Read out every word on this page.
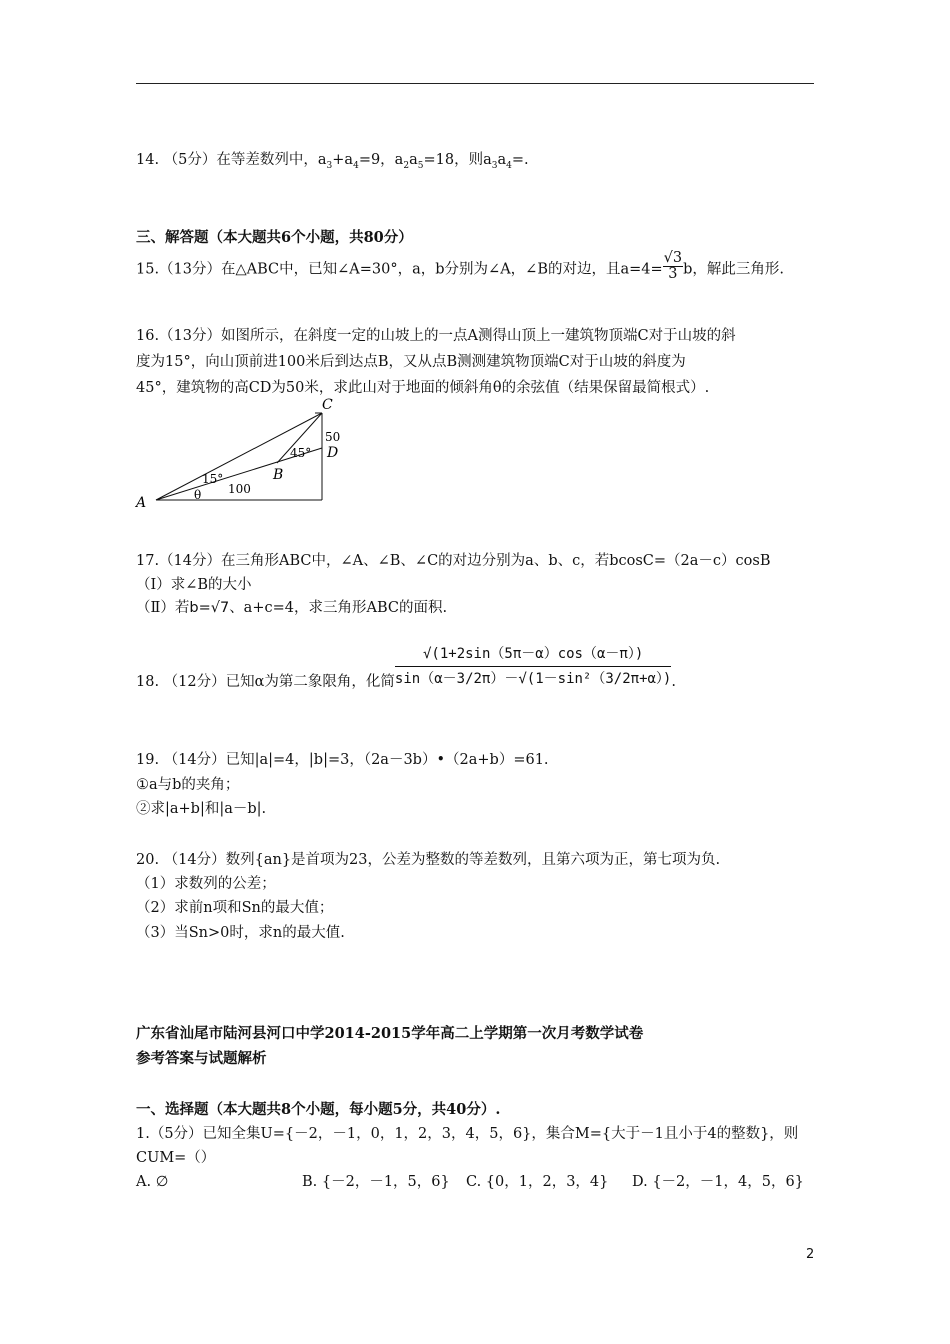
14. （5分）在等差数列中，$a_3+a_4=9$，$a_2a_5=18$，则$a_3a_4=$.
三、解答题（本大题共6个小题，共80分）
15.（13分）在△ABC中，已知∠A=30°，a，b分别为∠A，∠B的对边，且$a=4= \frac{√3}{3}$ b，解此三角形.
16.（13分）如图所示，在斜度一定的山坡上的一点A测得山顶上一建筑物顶端C对于山坡的斜
度为15°，向山顶前进100米后到达点B，又从点B测测建筑物顶端C对于山坡的斜度为
45°，建筑物的高CD为50米，求此山对于地面的倾斜角θ的余弦值（结果保留最简根式）.
C
D
A
B
15°
45°
100
50
θ
17.（14分）在三角形ABC中，∠A、∠B、∠C的对边分别为a、b、c，若bcosC=（2a－c）cosB
（Ⅰ）求∠B的大小
（Ⅱ）若b=√7、a+c=4，求三角形ABC的面积.
18. （12分）已知α为第二象限角，化简 $\frac{√(1+2\sin(5\pi-\alpha)\cos(\alpha-\pi))}{\text{sin（α－3/2π）－√(1－sin²（3/2π+α）)}}$ .
19. （14分）已知|a|=4，|b|=3，（2a－3b）•（2a+b）=61.
①a与b的夹角；
②求|a+b|和|a－b|.
20. （14分）数列{an}是首项为23，公差为整数的等差数列，且第六项为正，第七项为负.
（1）求数列的公差；
（2）求前n项和Sn的最大值；
（3）当Sn>0时，求n的最大值.
广东省汕尾市陆河县河口中学2014-2015学年高二上学期第一次月考数学试卷
参考答案与试题解析
一、选择题（本大题共8个小题，每小题5分，共40分）.
1.（5分）已知全集U={－2，－1，0，1，2，3，4，5，6}，集合M={大于－1且小于4的整数}，则
CUM=（）
A. ∅	B. {－2，－1，5，6} C. {0，1，2，3，4} D. {－2，－1，4，5，6}
2
